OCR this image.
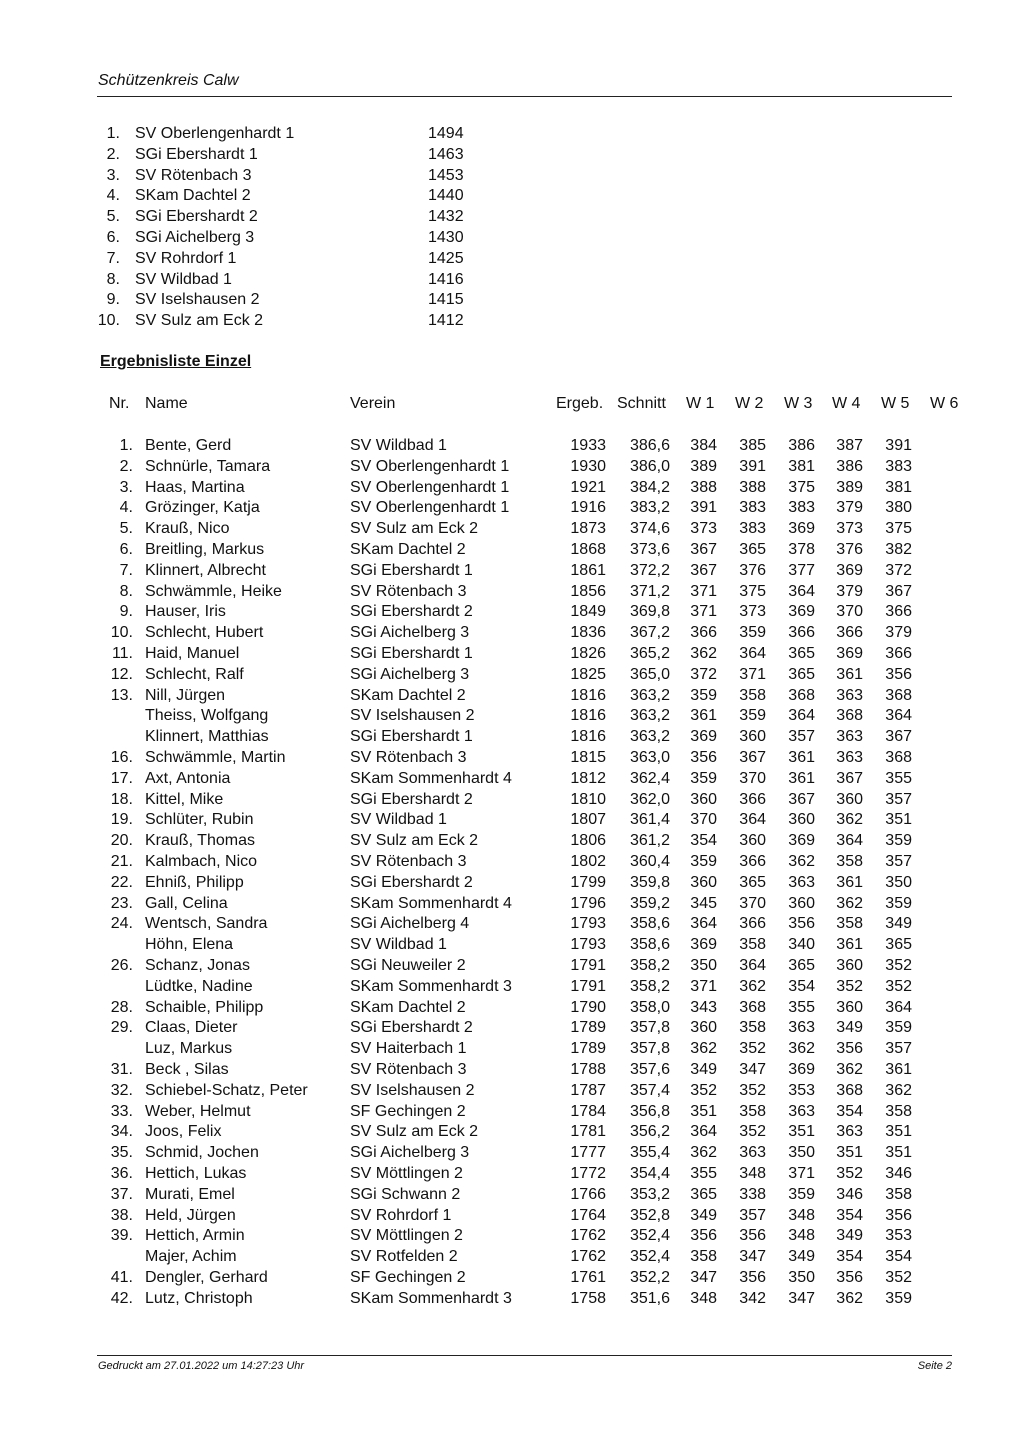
Schützenkreis Calw
1. SV Oberlengenhardt 1	1494
2. SGi Ebershardt 1	1463
3. SV Rötenbach 3	1453
4. SKam Dachtel 2	1440
5. SGi Ebershardt 2	1432
6. SGi Aichelberg 3	1430
7. SV Rohrdorf 1	1425
8. SV Wildbad 1	1416
9. SV Iselshausen 2	1415
10. SV Sulz am Eck 2	1412
Ergebnisliste Einzel
Nr. Name	Verein	Ergeb. Schnitt W 1 W 2 W 3 W 4 W 5 W 6
1. Bente, Gerd	SV Wildbad 1	1933	386,6 384 385 386 387 391
2. Schnürle, Tamara	SV Oberlengenhardt 1	1930	386,0 389 391 381 386 383
3. Haas, Martina	SV Oberlengenhardt 1	1921	384,2 388 388 375 389 381
4. Grözinger, Katja	SV Oberlengenhardt 1	1916	383,2 391 383 383 379 380
5. Krauß, Nico	SV Sulz am Eck 2	1873	374,6 373 383 369 373 375
6. Breitling, Markus	SKam Dachtel 2	1868	373,6 367 365 378 376 382
7. Klinnert, Albrecht	SGi Ebershardt 1	1861	372,2 367 376 377 369 372
8. Schwämmle, Heike	SV Rötenbach 3	1856	371,2 371 375 364 379 367
9. Hauser, Iris	SGi Ebershardt 2	1849	369,8 371 373 369 370 366
10. Schlecht, Hubert	SGi Aichelberg 3	1836	367,2 366 359 366 366 379
11. Haid, Manuel	SGi Ebershardt 1	1826	365,2 362 364 365 369 366
12. Schlecht, Ralf	SGi Aichelberg 3	1825	365,0 372 371 365 361 356
13. Nill, Jürgen	SKam Dachtel 2	1816	363,2 359 358 368 363 368
Theiss, Wolfgang	SV Iselshausen 2	1816	363,2 361 359 364 368 364
Klinnert, Matthias	SGi Ebershardt 1	1816	363,2 369 360 357 363 367
16. Schwämmle, Martin	SV Rötenbach 3	1815	363,0 356 367 361 363 368
17. Axt, Antonia	SKam Sommenhardt 4	1812	362,4 359 370 361 367 355
18. Kittel, Mike	SGi Ebershardt 2	1810	362,0 360 366 367 360 357
19. Schlüter, Rubin	SV Wildbad 1	1807	361,4 370 364 360 362 351
20. Krauß, Thomas	SV Sulz am Eck 2	1806	361,2 354 360 369 364 359
21. Kalmbach, Nico	SV Rötenbach 3	1802	360,4 359 366 362 358 357
22. Ehniß, Philipp	SGi Ebershardt 2	1799	359,8 360 365 363 361 350
23. Gall, Celina	SKam Sommenhardt 4	1796	359,2 345 370 360 362 359
24. Wentsch, Sandra	SGi Aichelberg 4	1793	358,6 364 366 356 358 349
Höhn, Elena	SV Wildbad 1	1793	358,6 369 358 340 361 365
26. Schanz, Jonas	SGi Neuweiler 2	1791	358,2 350 364 365 360 352
Lüdtke, Nadine	SKam Sommenhardt 3	1791	358,2 371 362 354 352 352
28. Schaible, Philipp	SKam Dachtel 2	1790	358,0 343 368 355 360 364
29. Claas, Dieter	SGi Ebershardt 2	1789	357,8 360 358 363 349 359
Luz, Markus	SV Haiterbach 1	1789	357,8 362 352 362 356 357
31. Beck , Silas	SV Rötenbach 3	1788	357,6 349 347 369 362 361
32. Schiebel-Schatz, Peter	SV Iselshausen 2	1787	357,4 352 352 353 368 362
33. Weber, Helmut	SF Gechingen 2	1784	356,8 351 358 363 354 358
34. Joos, Felix	SV Sulz am Eck 2	1781	356,2 364 352 351 363 351
35. Schmid, Jochen	SGi Aichelberg 3	1777	355,4 362 363 350 351 351
36. Hettich, Lukas	SV Möttlingen 2	1772	354,4 355 348 371 352 346
37. Murati, Emel	SGi Schwann 2	1766	353,2 365 338 359 346 358
38. Held, Jürgen	SV Rohrdorf 1	1764	352,8 349 357 348 354 356
39. Hettich, Armin	SV Möttlingen 2	1762	352,4 356 356 348 349 353
Majer, Achim	SV Rotfelden 2	1762	352,4 358 347 349 354 354
41. Dengler, Gerhard	SF Gechingen 2	1761	352,2 347 356 350 356 352
42. Lutz, Christoph	SKam Sommenhardt 3	1758	351,6 348 342 347 362 359
Gedruckt am 27.01.2022 um 14:27:23 Uhr	Seite 2
